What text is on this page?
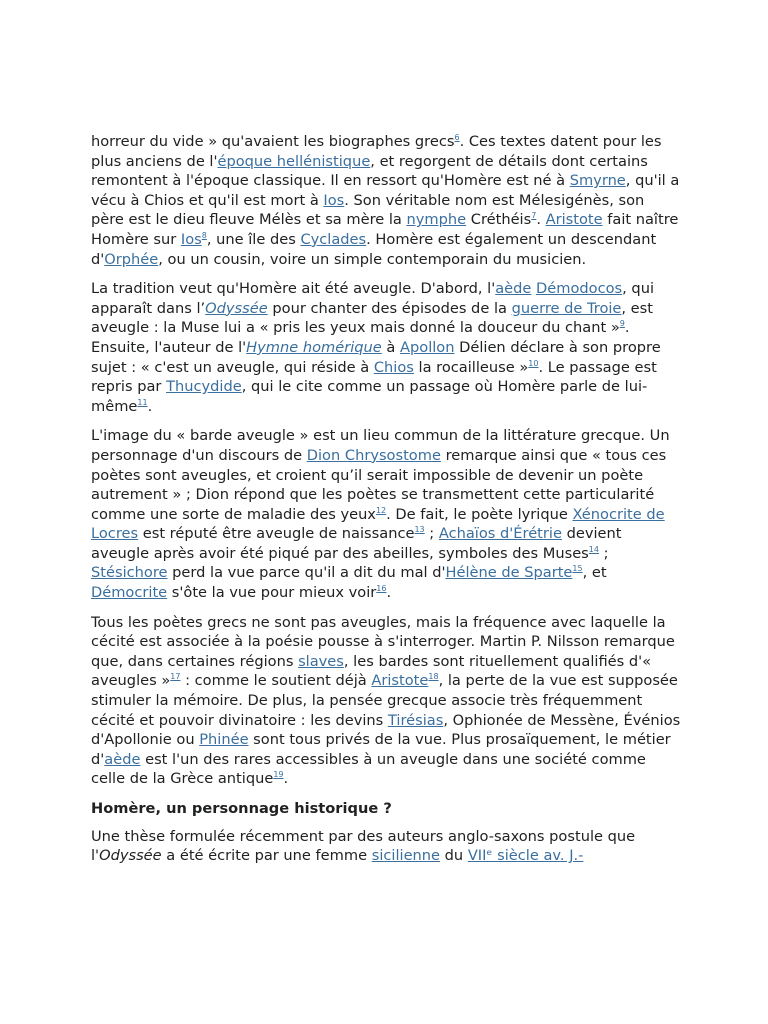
horreur du vide » qu'avaient les biographes grecs$^6$. Ces textes datent pour les plus anciens de l'époque hellénistique, et regorgent de détails dont certains remontent à l'époque classique. Il en ressort qu'Homère est né à Smyrne, qu'il a vécu à Chios et qu'il est mort à Ios. Son véritable nom est Mélesigénès, son père est le dieu fleuve Mélès et sa mère la nymphe Créthéis$^7$. Aristote fait naître Homère sur Ios$^8$, une île des Cyclades. Homère est également un descendant d'Orphée, ou un cousin, voire un simple contemporain du musicien.

La tradition veut qu'Homère ait été aveugle. D'abord, l'aède Démodocos, qui apparaît dans l’Odyssée pour chanter des épisodes de la guerre de Troie, est aveugle : la Muse lui a « pris les yeux mais donné la douceur du chant »$^9$. Ensuite, l'auteur de l'Hymne homérique à Apollon Délien déclare à son propre sujet : « c'est un aveugle, qui réside à Chios la rocailleuse »$^{10}$. Le passage est repris par Thucydide, qui le cite comme un passage où Homère parle de lui-même$^{11}$.

L'image du « barde aveugle » est un lieu commun de la littérature grecque. Un personnage d'un discours de Dion Chrysostome remarque ainsi que « tous ces poètes sont aveugles, et croient qu’il serait impossible de devenir un poète autrement » ; Dion répond que les poètes se transmettent cette particularité comme une sorte de maladie des yeux$^{12}$. De fait, le poète lyrique Xénocrite de Locres est réputé être aveugle de naissance$^{13}$ ; Achaïos d'Érétrie devient aveugle après avoir été piqué par des abeilles, symboles des Muses$^{14}$ ; Stésichore perd la vue parce qu'il a dit du mal d'Hélène de Sparte$^{15}$, et Démocrite s'ôte la vue pour mieux voir$^{16}$.

Tous les poètes grecs ne sont pas aveugles, mais la fréquence avec laquelle la cécité est associée à la poésie pousse à s'interroger. Martin P. Nilsson remarque que, dans certaines régions slaves, les bardes sont rituellement qualifiés d'« aveugles »$^{17}$ : comme le soutient déjà Aristote$^{18}$, la perte de la vue est supposée stimuler la mémoire. De plus, la pensée grecque associe très fréquemment cécité et pouvoir divinatoire : les devins Tirésias, Ophionée de Messène, Événios d'Apollonie ou Phinée sont tous privés de la vue. Plus prosaïquement, le métier d'aède est l'un des rares accessibles à un aveugle dans une société comme celle de la Grèce antique$^{19}$.

Homère, un personnage historique ?

Une thèse formulée récemment par des auteurs anglo-saxons postule que l'Odyssée a été écrite par une femme sicilienne du VIIᵉ siècle av. J.-
